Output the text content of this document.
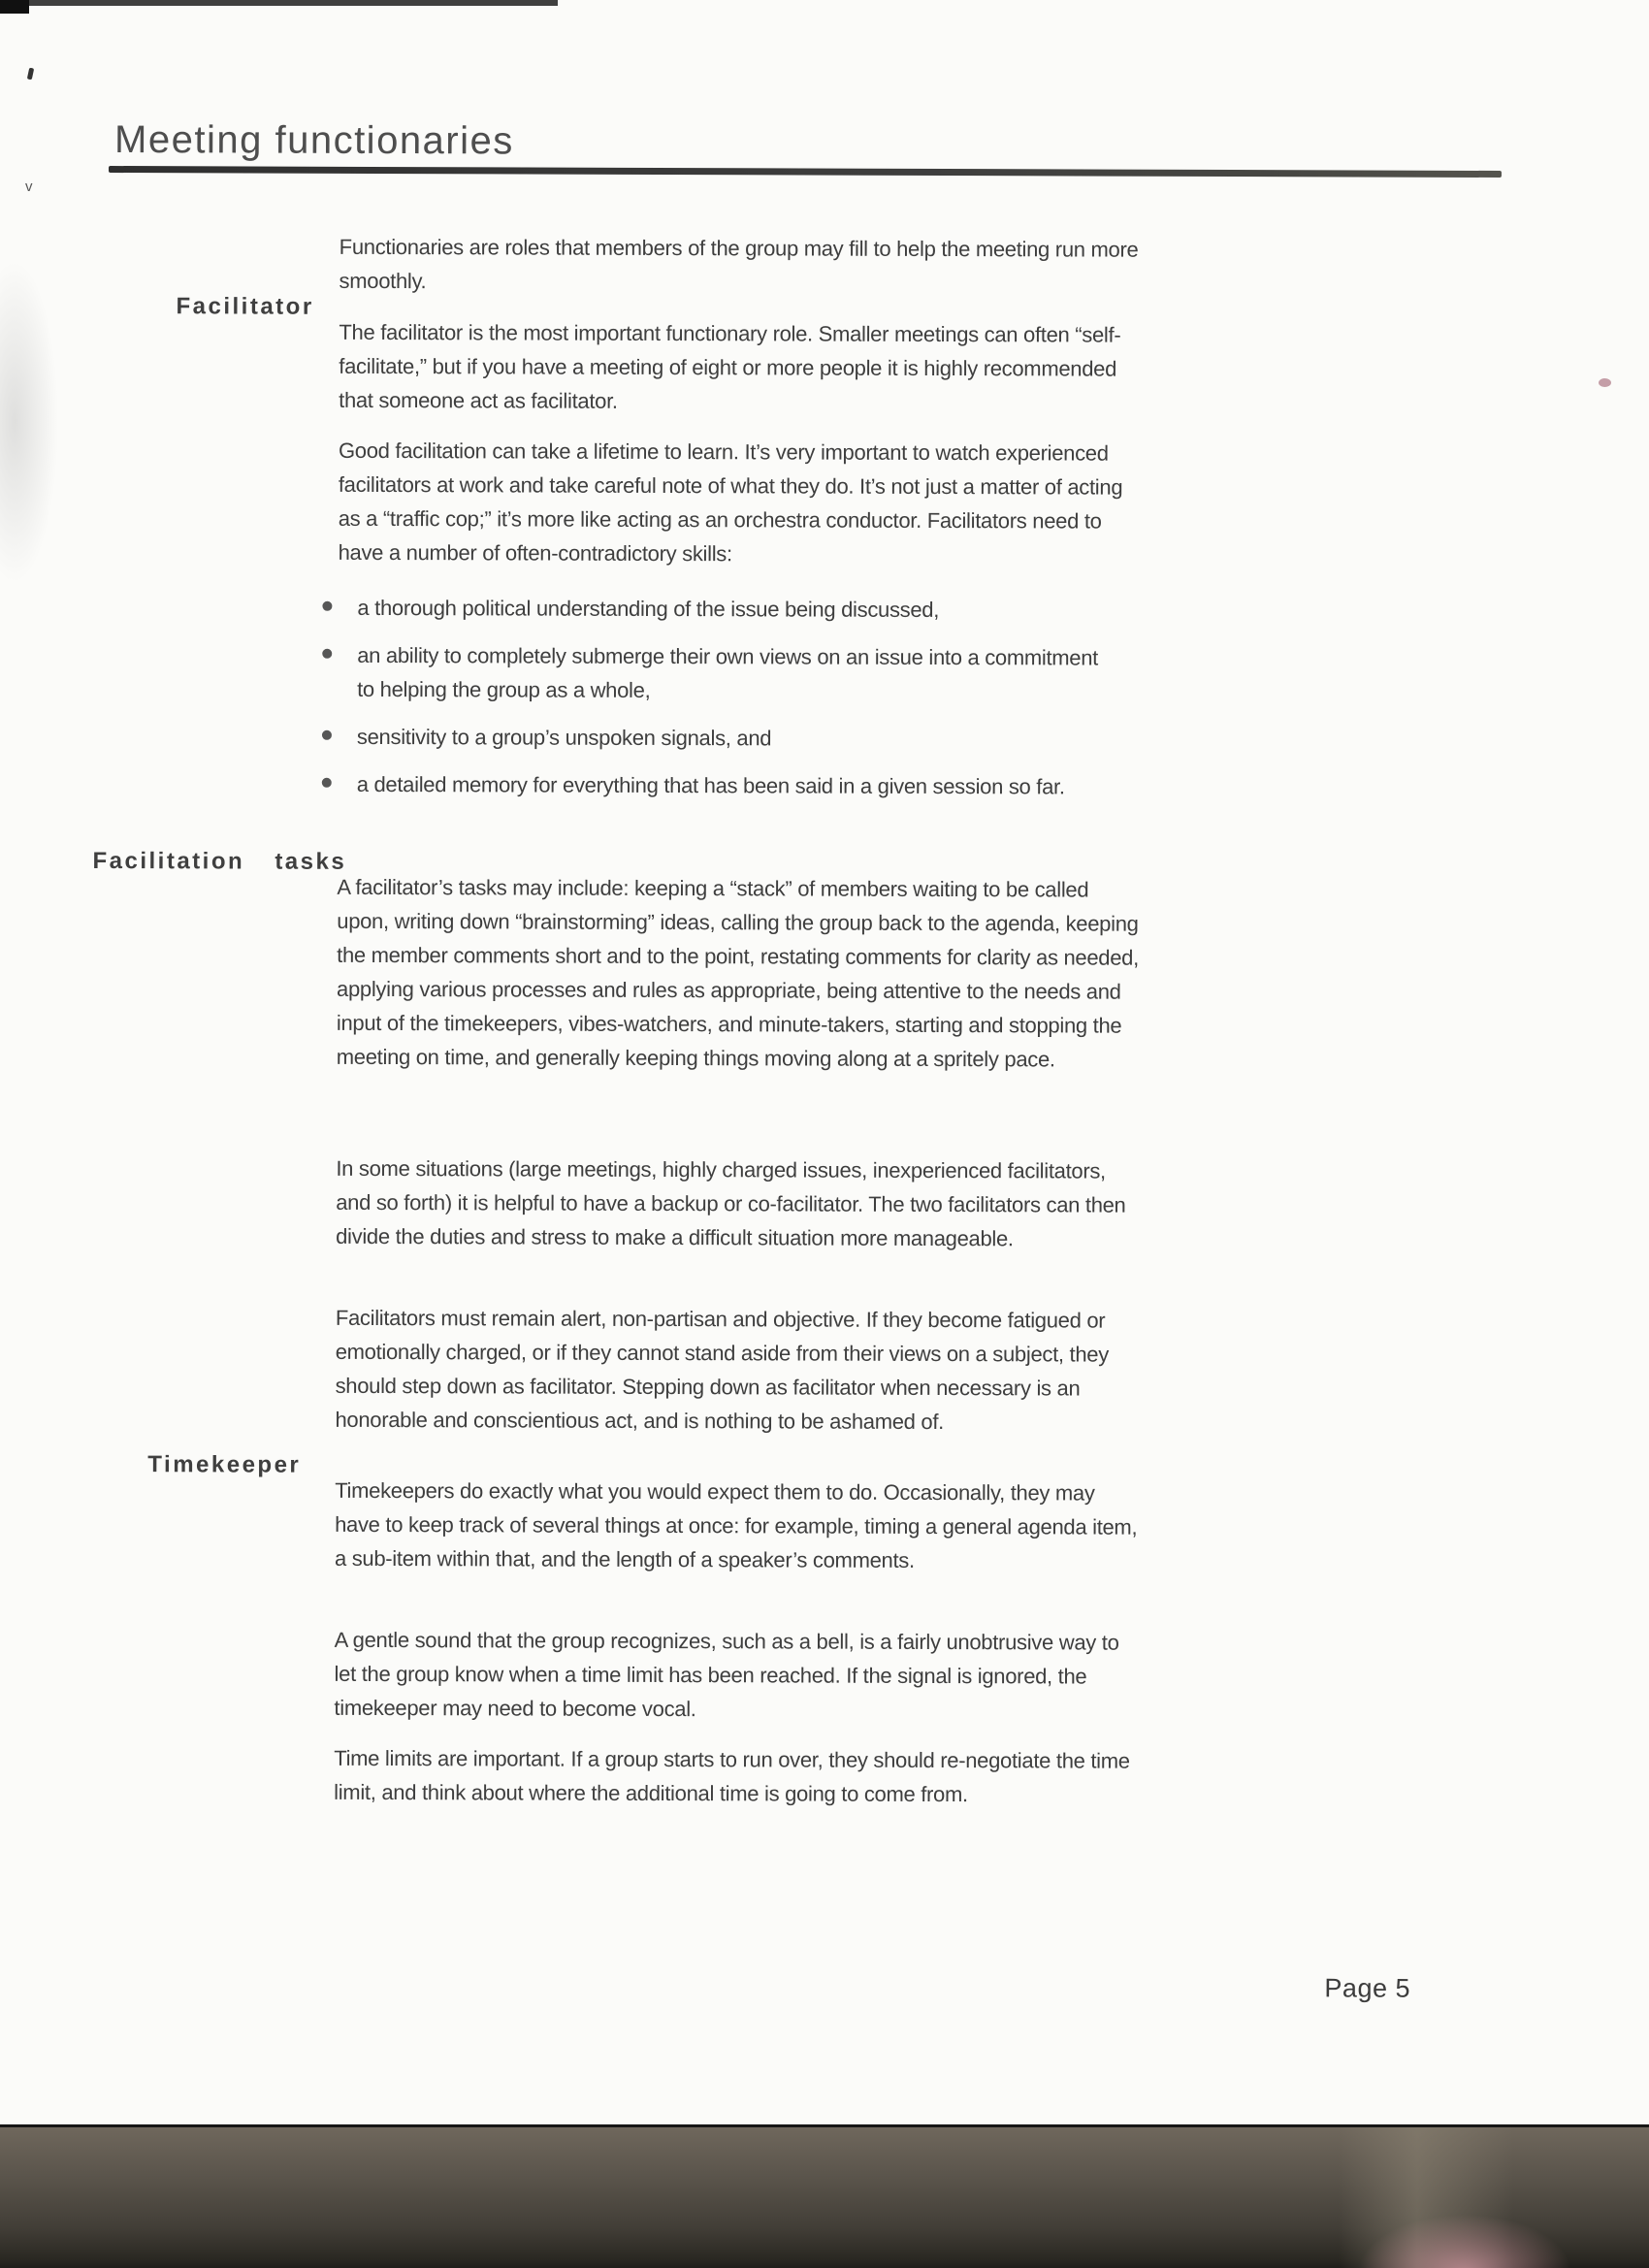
v
Meeting functionaries

Functionaries are roles that members of the group may fill to help the meeting run more smoothly.

Facilitator

The facilitator is the most important functionary role. Smaller meetings can often “self-facilitate,” but if you have a meeting of eight or more people it is highly recommended that someone act as facilitator.

Good facilitation can take a lifetime to learn. It’s very important to watch experienced facilitators at work and take careful note of what they do. It’s not just a matter of acting as a “traffic cop;” it’s more like acting as an orchestra conductor. Facilitators need to have a number of often-contradictory skills:

a thorough political understanding of the issue being discussed,
an ability to completely submerge their own views on an issue into a commitment to helping the group as a whole,
sensitivity to a group’s unspoken signals, and
a detailed memory for everything that has been said in a given session so far.
Facilitation tasks

A facilitator’s tasks may include: keeping a “stack” of members waiting to be called upon, writing down “brainstorming” ideas, calling the group back to the agenda, keeping the member comments short and to the point, restating comments for clarity as needed, applying various processes and rules as appropriate, being attentive to the needs and input of the timekeepers, vibes-watchers, and minute-takers, starting and stopping the meeting on time, and generally keeping things moving along at a spritely pace.

In some situations (large meetings, highly charged issues, inexperienced facilitators, and so forth) it is helpful to have a backup or co-facilitator. The two facilitators can then divide the duties and stress to make a difficult situation more manageable.

Facilitators must remain alert, non-partisan and objective. If they become fatigued or emotionally charged, or if they cannot stand aside from their views on a subject, they should step down as facilitator. Stepping down as facilitator when necessary is an honorable and conscientious act, and is nothing to be ashamed of.

Timekeeper

Timekeepers do exactly what you would expect them to do. Occasionally, they may have to keep track of several things at once: for example, timing a general agenda item, a sub-item within that, and the length of a speaker’s comments.

A gentle sound that the group recognizes, such as a bell, is a fairly unobtrusive way to let the group know when a time limit has been reached. If the signal is ignored, the timekeeper may need to become vocal.

Time limits are important. If a group starts to run over, they should re-negotiate the time limit, and think about where the additional time is going to come from.

Page 5
